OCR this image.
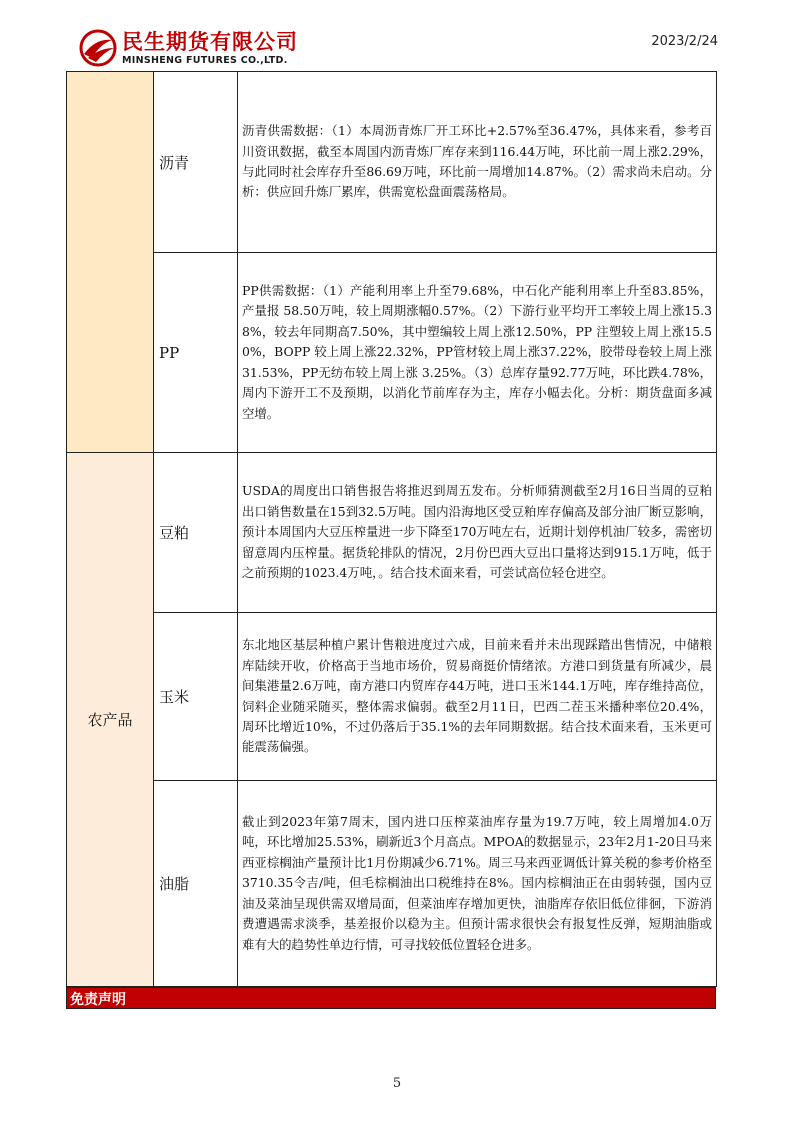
民生期货有限公司
MINSHENG FUTURES CO.,LTD.
2023/2/24
	沥青	沥青供需数据：（1）本周沥青炼厂开工环比+2.57%至36.47%，具体来看，参考百川资讯数据，截至本周国内沥青炼厂库存来到116.44万吨，环比前一周上涨2.29%，与此同时社会库存升至86.69万吨，环比前一周增加14.87%。（2）需求尚未启动。分析：供应回升炼厂累库，供需宽松盘面震荡格局。
	PP	PP供需数据：（1）产能利用率上升至79.68%，中石化产能利用率上升至83.85%，产量报 58.50万吨，较上周期涨幅0.57%。（2）下游行业平均开工率较上周上涨15.38%，较去年同期高7.50%，其中塑编较上周上涨12.50%，PP 注塑较上周上涨15.50%，BOPP 较上周上涨22.32%，PP管材较上周上涨37.22%，胶带母卷较上周上涨31.53%，PP无纺布较上周上涨 3.25%。（3）总库存量92.77万吨，环比跌4.78%，周内下游开工不及预期，以消化节前库存为主，库存小幅去化。分析：期货盘面多减空增。
农产品	豆粕	USDA的周度出口销售报告将推迟到周五发布。分析师猜测截至2月16日当周的豆粕出口销售数量在15到32.5万吨。国内沿海地区受豆粕库存偏高及部分油厂断豆影响，预计本周国内大豆压榨量进一步下降至170万吨左右，近期计划停机油厂较多，需密切留意周内压榨量。据货轮排队的情况，2月份巴西大豆出口量将达到915.1万吨，低于之前预期的1023.4万吨，。结合技术面来看，可尝试高位轻仓进空。
	玉米	东北地区基层种植户累计售粮进度过六成，目前来看并未出现踩踏出售情况，中储粮库陆续开收，价格高于当地市场价，贸易商挺价情绪浓。方港口到货量有所减少，晨间集港量2.6万吨，南方港口内贸库存44万吨，进口玉米144.1万吨，库存维持高位，饲料企业随采随买，整体需求偏弱。截至2月11日，巴西二茬玉米播种率位20.4%，周环比增近10%，不过仍落后于35.1%的去年同期数据。结合技术面来看，玉米更可能震荡偏强。
	油脂	截止到2023年第7周末，国内进口压榨菜油库存量为19.7万吨，较上周增加4.0万吨，环比增加25.53%，刷新近3个月高点。MPOA的数据显示，23年2月1-20日马来西亚棕榈油产量预计比1月份期减少6.71%。周三马来西亚调低计算关税的参考价格至3710.35令吉/吨，但毛棕榈油出口税维持在8%。国内棕榈油正在由弱转强，国内豆油及菜油呈现供需双增局面，但菜油库存增加更快，油脂库存依旧低位徘徊，下游消费遭遇需求淡季，基差报价以稳为主。但预计需求很快会有报复性反弹，短期油脂或难有大的趋势性单边行情，可寻找较低位置轻仓进多。
免责声明
5
